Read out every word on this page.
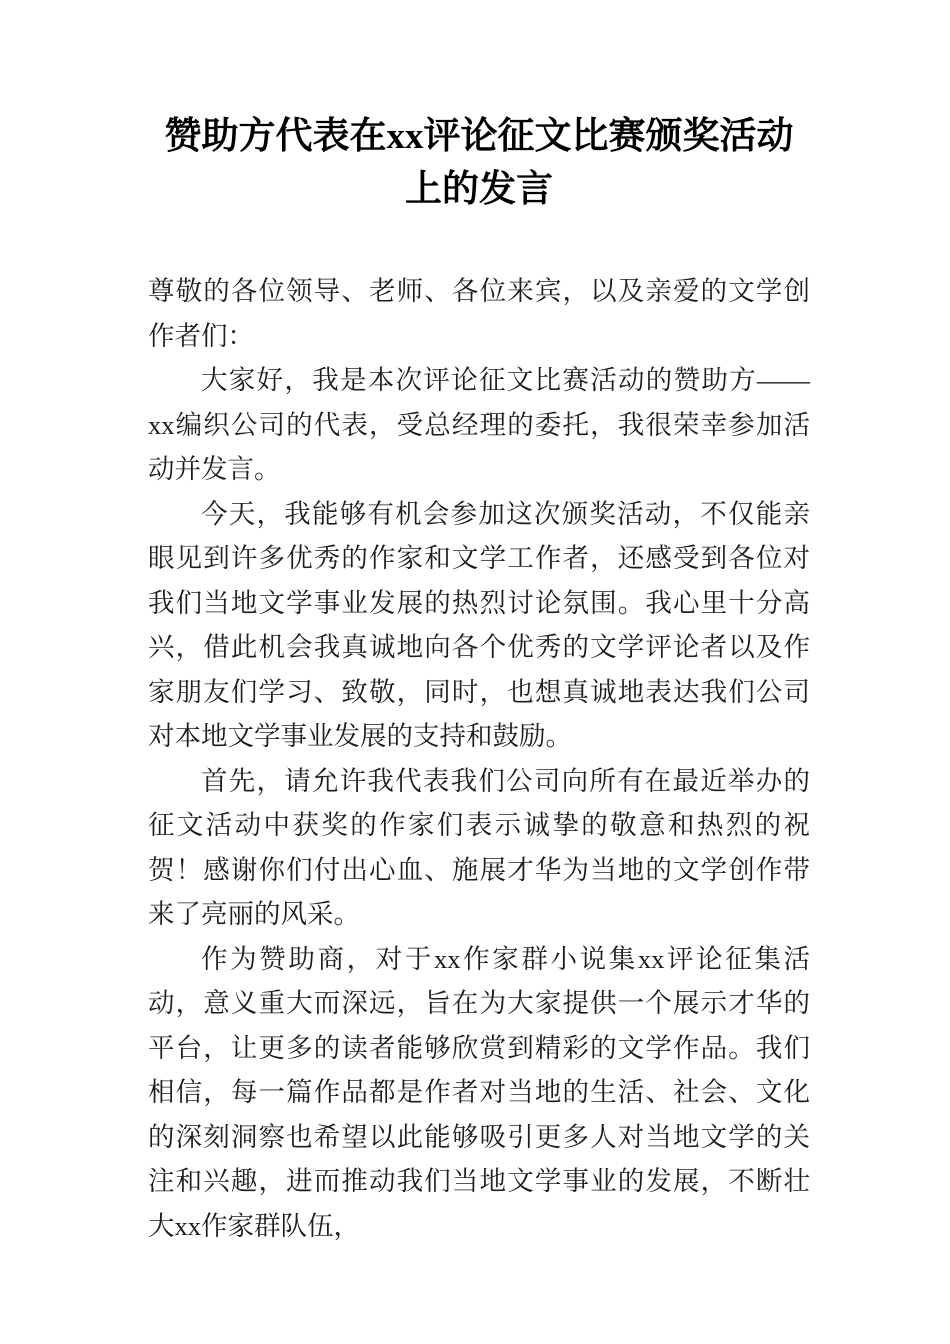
赞助方代表在xx评论征文比赛颁奖活动上的发言

尊敬的各位领导、老师、各位来宾，以及亲爱的文学创作者们：

大家好，我是本次评论征文比赛活动的赞助方——xx编织公司的代表，受总经理的委托，我很荣幸参加活动并发言。

今天，我能够有机会参加这次颁奖活动，不仅能亲眼见到许多优秀的作家和文学工作者，还感受到各位对我们当地文学事业发展的热烈讨论氛围。我心里十分高兴，借此机会我真诚地向各个优秀的文学评论者以及作家朋友们学习、致敬，同时，也想真诚地表达我们公司对本地文学事业发展的支持和鼓励。

首先，请允许我代表我们公司向所有在最近举办的征文活动中获奖的作家们表示诚挚的敬意和热烈的祝贺！感谢你们付出心血、施展才华为当地的文学创作带来了亮丽的风采。

作为赞助商，对于xx作家群小说集xx评论征集活动，意义重大而深远，旨在为大家提供一个展示才华的平台，让更多的读者能够欣赏到精彩的文学作品。我们相信，每一篇作品都是作者对当地的生活、社会、文化的深刻洞察也希望以此能够吸引更多人对当地文学的关注和兴趣，进而推动我们当地文学事业的发展，不断壮大xx作家群队伍，
